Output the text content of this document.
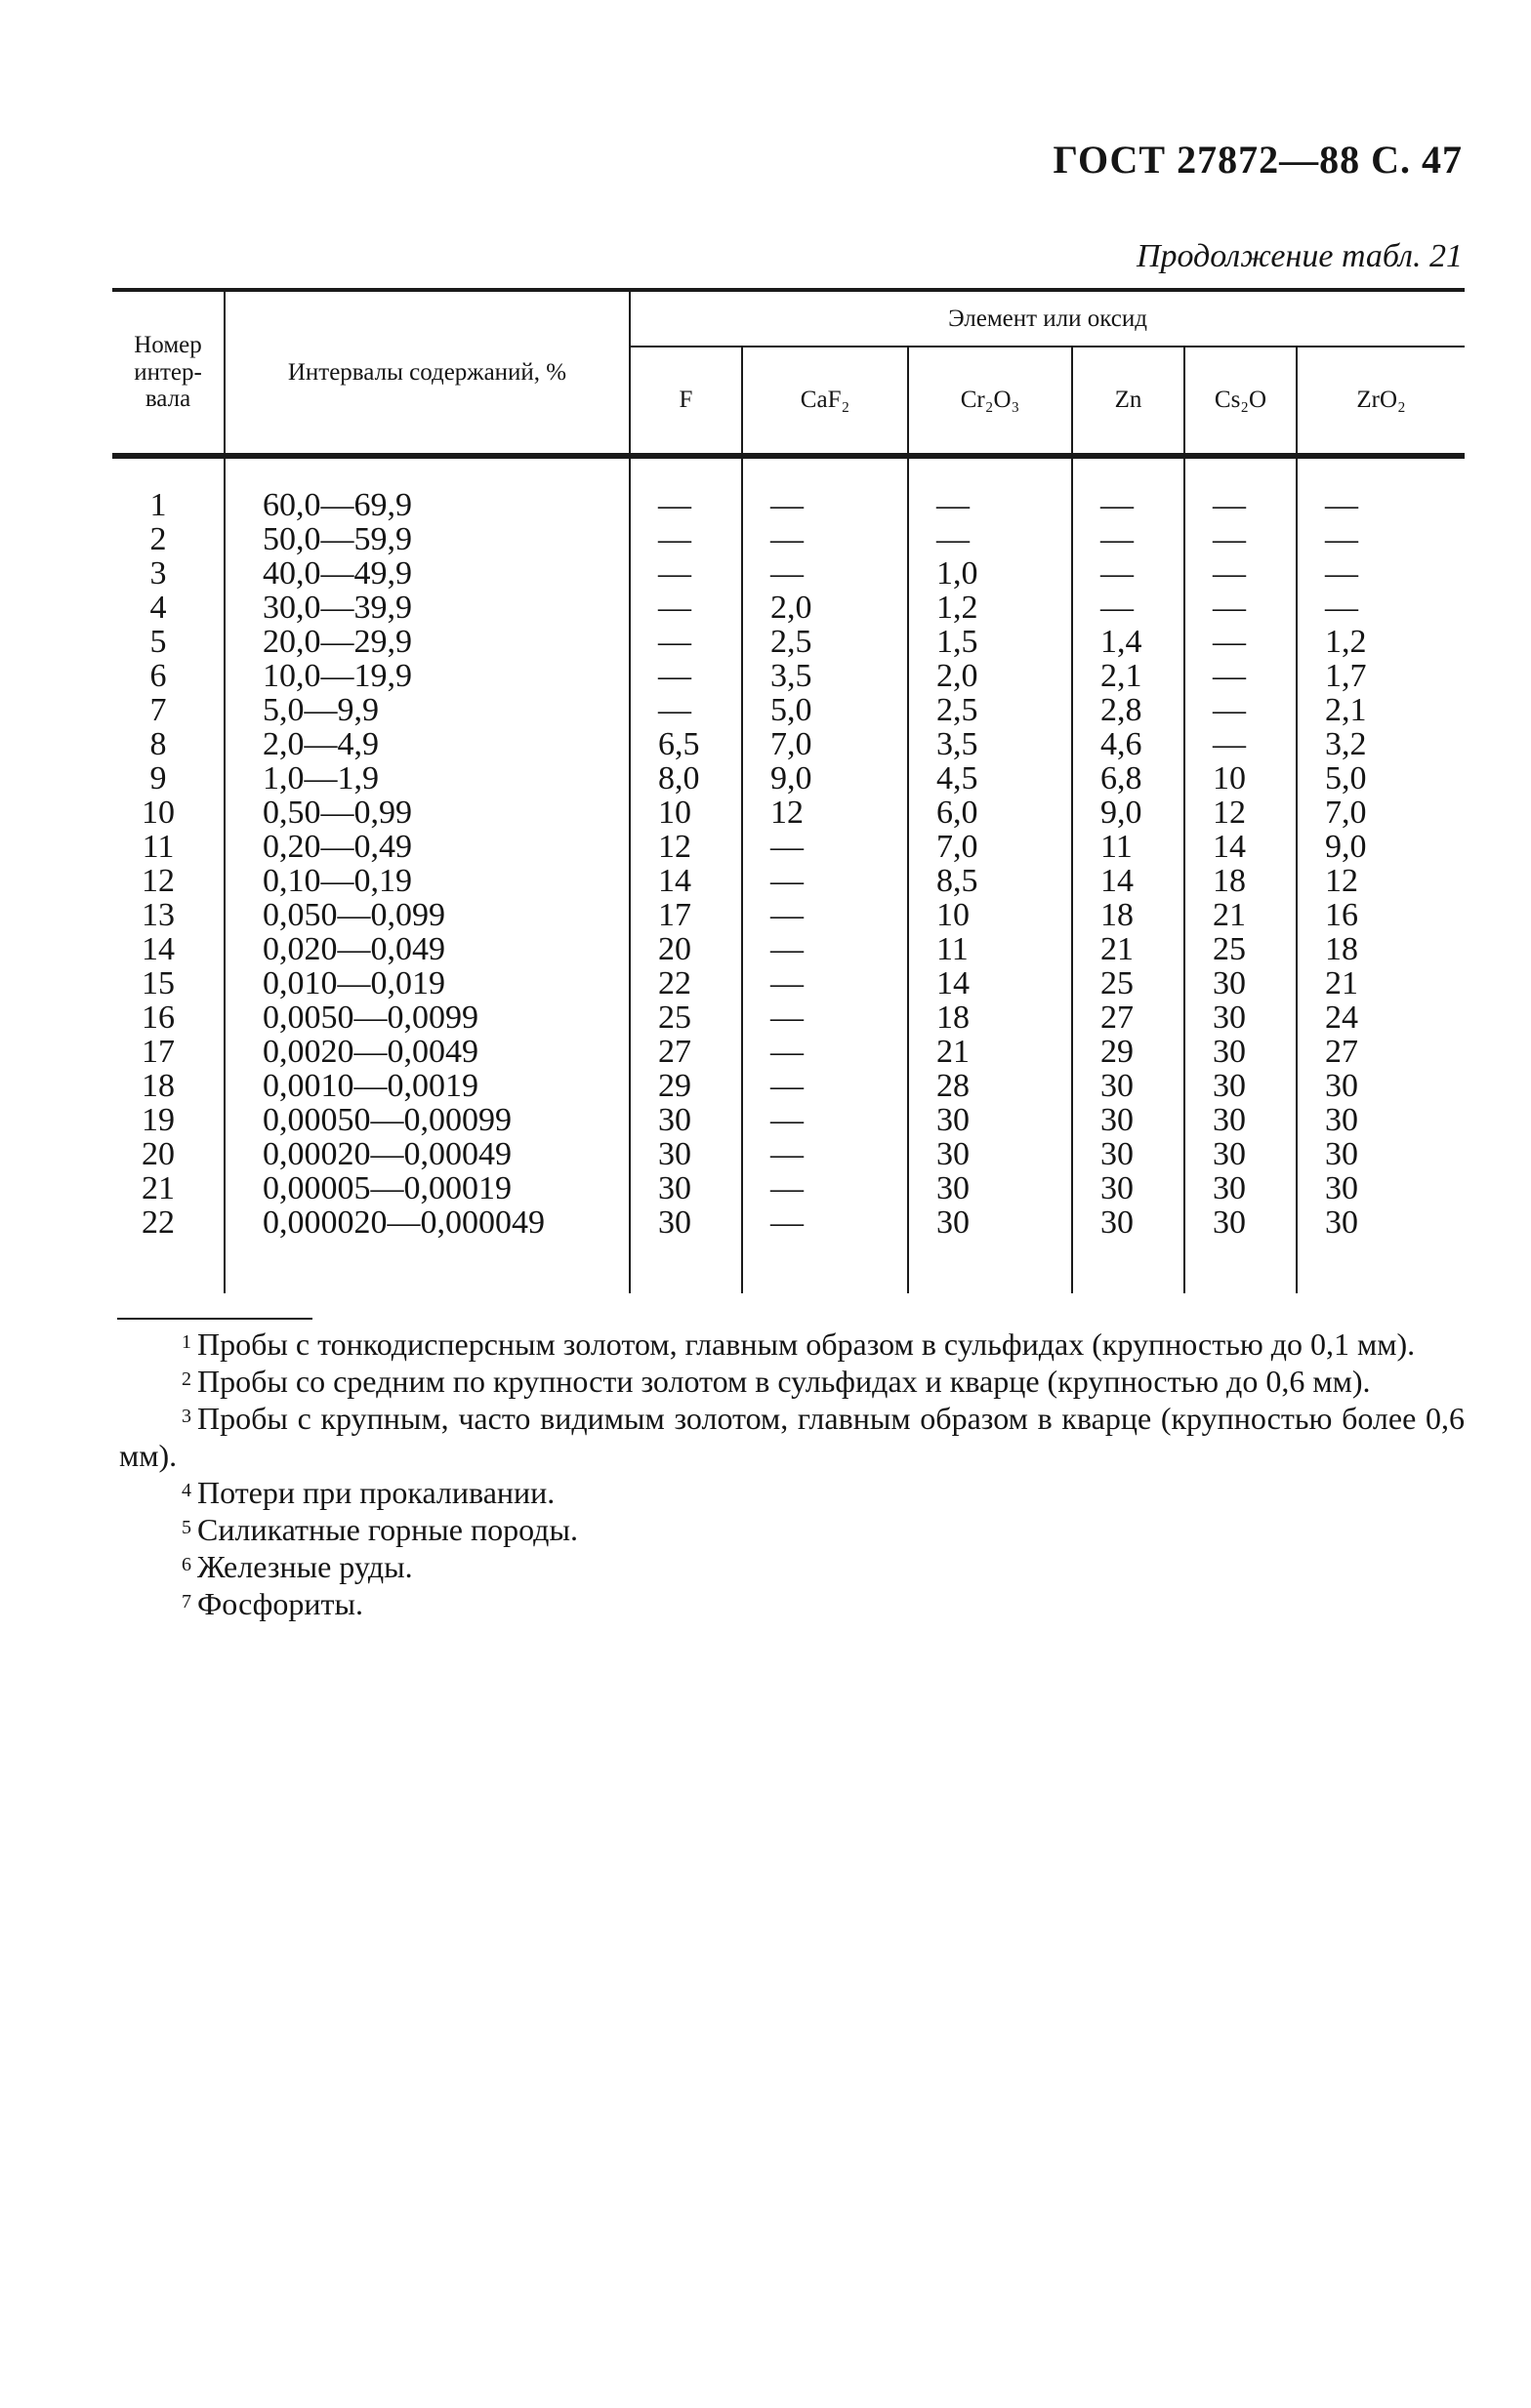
ГОСТ 27872—88 С. 47
Продолжение табл. 21
Номер интер-вала	Интервалы содержаний, %	Элемент или оксид					
		F	CaF₂	Cr₂O₃	Zn	Cs₂O	ZrO₂

1	60,0—69,9	—	—	—	—	—	—
2	50,0—59,9	—	—	—	—	—	—
3	40,0—49,9	—	—	1,0	—	—	—
4	30,0—39,9	—	2,0	1,2	—	—	—
5	20,0—29,9	—	2,5	1,5	1,4	—	1,2
6	10,0—19,9	—	3,5	2,0	2,1	—	1,7
7	5,0—9,9	—	5,0	2,5	2,8	—	2,1
8	2,0—4,9	6,5	7,0	3,5	4,6	—	3,2
9	1,0—1,9	8,0	9,0	4,5	6,8	10	5,0
10	0,50—0,99	10	12	6,0	9,0	12	7,0
11	0,20—0,49	12	—	7,0	11	14	9,0
12	0,10—0,19	14	—	8,5	14	18	12
13	0,050—0,099	17	—	10	18	21	16
14	0,020—0,049	20	—	11	21	25	18
15	0,010—0,019	22	—	14	25	30	21
16	0,0050—0,0099	25	—	18	27	30	24
17	0,0020—0,0049	27	—	21	29	30	27
18	0,0010—0,0019	29	—	28	30	30	30
19	0,00050—0,00099	30	—	30	30	30	30
20	0,00020—0,00049	30	—	30	30	30	30
21	0,00005—0,00019	30	—	30	30	30	30
22	0,000020—0,000049	30	—	30	30	30	30

$^1$ Пробы с тонкодисперсным золотом, главным образом в сульфидах (крупностью до 0,1 мм).
$^2$ Пробы со средним по крупности золотом в сульфидах и кварце (крупностью до 0,6 мм).
$^3$ Пробы с крупным, часто видимым золотом, главным образом в кварце (крупностью более 0,6 мм).
$^4$ Потери при прокаливании.
$^5$ Силикатные горные породы.
$^6$ Железные руды.
$^7$ Фосфориты.
